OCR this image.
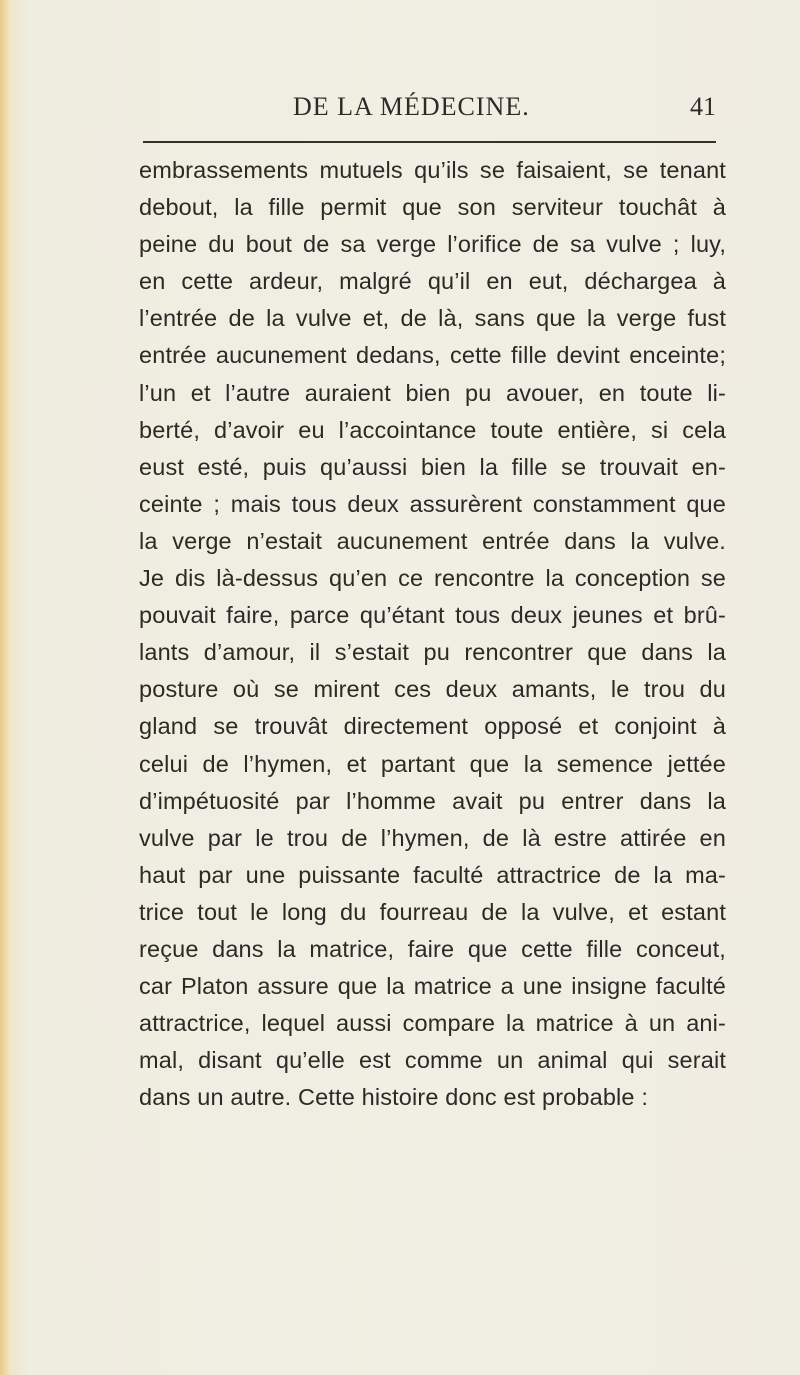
DE LA MÉDECINE.	41
embrassements mutuels qu’ils se faisaient, se tenant
debout, la fille permit que son serviteur touchât à
peine du bout de sa verge l’orifice de sa vulve ; luy,
en cette ardeur, malgré qu’il en eut, déchargea à
l’entrée de la vulve et, de là, sans que la verge fust
entrée aucunement dedans, cette fille devint enceinte;
l’un et l’autre auraient bien pu avouer, en toute li-
berté, d’avoir eu l’accointance toute entière, si cela
eust esté, puis qu’aussi bien la fille se trouvait en-
ceinte ; mais tous deux assurèrent constamment que
la verge n’estait aucunement entrée dans la vulve.
Je dis là-dessus qu’en ce rencontre la conception se
pouvait faire, parce qu’étant tous deux jeunes et brû-
lants d’amour, il s’estait pu rencontrer que dans la
posture où se mirent ces deux amants, le trou du
gland se trouvât directement opposé et conjoint à
celui de l’hymen, et partant que la semence jettée
d’impétuosité par l’homme avait pu entrer dans la
vulve par le trou de l’hymen, de là estre attirée en
haut par une puissante faculté attractrice de la ma-
trice tout le long du fourreau de la vulve, et estant
reçue dans la matrice, faire que cette fille conceut,
car Platon assure que la matrice a une insigne faculté
attractrice, lequel aussi compare la matrice à un ani-
mal, disant qu’elle est comme un animal qui serait
dans un autre. Cette histoire donc est probable :
